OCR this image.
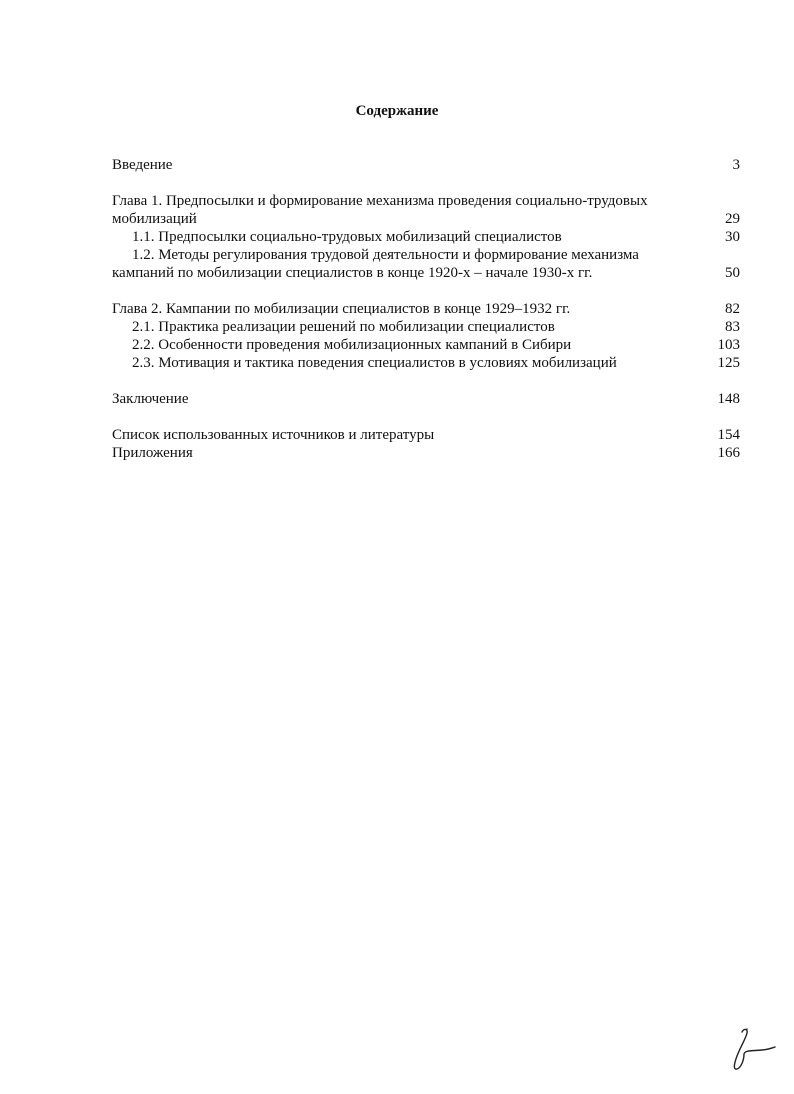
Содержание
Введение	3
Глава 1. Предпосылки и формирование механизма проведения социально-трудовых мобилизаций	29
1.1. Предпосылки социально-трудовых мобилизаций специалистов	30
1.2. Методы регулирования трудовой деятельности и формирование механизма кампаний по мобилизации специалистов в конце 1920-х – начале 1930-х гг.	50
Глава 2. Кампании по мобилизации специалистов в конце 1929–1932 гг.	82
2.1. Практика реализации решений по мобилизации специалистов	83
2.2. Особенности проведения мобилизационных кампаний в Сибири	103
2.3. Мотивация и тактика поведения специалистов в условиях мобилизаций	125
Заключение	148
Список использованных источников и литературы	154
Приложения	166
